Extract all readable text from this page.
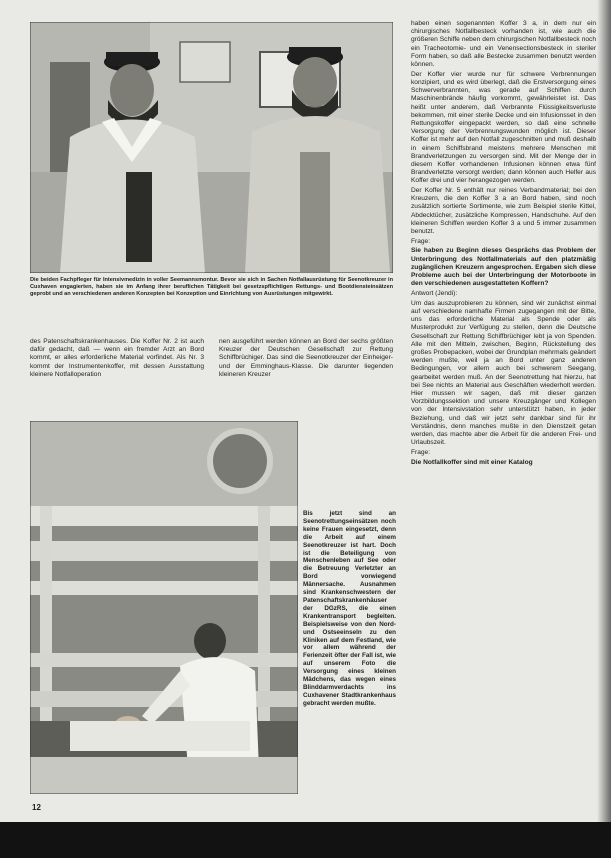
Die beiden Fachpfleger für Intensivmedizin in voller Seemannsmontur. Bevor sie sich in Sachen Notfallausrüstung für Seenotkreuzer in Cuxhaven engagierten, haben sie im Anfang ihrer beruflichen Tätigkeit bei gesetzspflichtigen Rettungs- und Bootdiensteinsätzen geprobt und an verschiedenen anderen Konzepten bei Konzeption und Einrichtung von Ausrüstungen mitgewirkt.

des Patenschaftskrankenhauses. Die Koffer Nr. 2 ist auch dafür gedacht, daß — wenn ein fremder Arzt an Bord kommt, er alles erforderliche Material vorfindet. Als Nr. 3 kommt der Instrumentenkoffer, mit dessen Ausstattung kleinere Notfalloperation

nen ausgeführt werden können an Bord der sechs größten Kreuzer der Deutschen Gesellschaft zur Rettung Schiffbrüchiger. Das sind die Seenotkreuzer der Einheiger- und der Emminghaus-Klasse. Die darunter liegenden kleineren Kreuzer

Bis jetzt sind an Seenotrettungseinsätzen noch keine Frauen eingesetzt, denn die Arbeit auf einem Seenotkreuzer ist hart. Doch ist die Beteiligung von Menschenleben auf See oder die Betreuung Verletzter an Bord vorwiegend Männersache. Ausnahmen sind Krankenschwestern der Patenschaftskrankenhäuser der DGzRS, die einen Krankentransport begleiten. Beispielsweise von den Nord- und Ostseeinseln zu den Kliniken auf dem Festland, wie vor allem während der Ferienzeit öfter der Fall ist, wie auf unserem Foto die Versorgung eines kleinen Mädchens, das wegen eines Blinddarmverdachts ins Cuxhavener Stadtkrankenhaus gebracht werden mußte.

haben einen sogenannten Koffer 3 a, in dem nur ein chirurgisches Notfallbesteck vorhanden ist, wie auch die größeren Schiffe neben dem chirurgischen Notfallbesteck noch ein Tracheotomie- und ein Venensectionsbesteck in steriler Form haben, so daß alle Bestecke zusammen benutzt werden können.

Der Koffer vier wurde nur für schwere Verbrennungen konzipiert, und es wird überlegt, daß die Erstversorgung eines Schwerverbrannten, was gerade auf Schiffen durch Maschinenbrände häufig vorkommt, gewährleistet ist. Das heißt unter anderem, daß Verbrannte Flüssigkeitsverluste bekommen, mit einer sterile Decke und ein Infusionsset in den Rettungskoffer eingepackt werden, so daß eine schnelle Versorgung der Verbrennungswunden möglich ist. Dieser Koffer ist mehr auf den Notfall zugeschnitten und muß deshalb in einem Schiffsbrand meistens mehrere Menschen mit Brandverletzungen zu versorgen sind. Mit der Menge der in diesem Koffer vorhandenen Infusionen können etwa fünf Brandverletzte versorgt werden; dann können auch Helfer aus Koffer drei und vier herangezogen werden.

Der Koffer Nr. 5 enthält nur reines Verbandmaterial; bei den Kreuzern, die den Koffer 3 a an Bord haben, sind noch zusätzlich sortierte Sortimente, wie zum Beispiel sterile Kittel, Abdecktücher, zusätzliche Kompressen, Handschuhe. Auf den kleineren Schiffen werden Koffer 3 a und 5 immer zusammen benutzt.

Frage:

Sie haben zu Beginn dieses Gesprächs das Problem der Unterbringung des Notfallmaterials auf den platzmäßig zugänglichen Kreuzern angesprochen. Ergaben sich diese Probleme auch bei der Unterbringung der Motorboote in den verschiedenen ausgestatteten Koffern?

Antwort (Jendi):

Um das auszuprobieren zu können, sind wir zunächst einmal auf verschiedene namhafte Firmen zugegangen mit der Bitte, uns das erforderliche Material als Spende oder als Musterprodukt zur Verfügung zu stellen, denn die Deutsche Gesellschaft zur Rettung Schiffbrüchiger lebt ja von Spenden. Alle mit den Mitteln, zwischen, Beginn, Rückstellung des großes Probepacken, wobei der Grundplan mehrmals geändert werden mußte, weil ja an Bord unter ganz anderen Bedingungen, vor allem auch bei schwerem Seegang, gearbeitet werden muß. An der Seenotrettung hat hierzu, hat bei See nichts an Material aus Geschäften wiederholt werden. Hier mussen wir sagen, daß mit dieser ganzen Vorzbildungssektion und unsere Kreuzgänger und Kollegen von der Intensivstation sehr unterstützt haben, in jeder Beziehung, und daß wir jetzt sehr dankbar sind für ihr Verständnis, denn manches mußte in den Dienstzeit getan werden, das machte aber die Arbeit für die anderen Frei- und Urlaubszeit.

Frage:

Die Notfallkoffer sind mit einer Katalog

12
